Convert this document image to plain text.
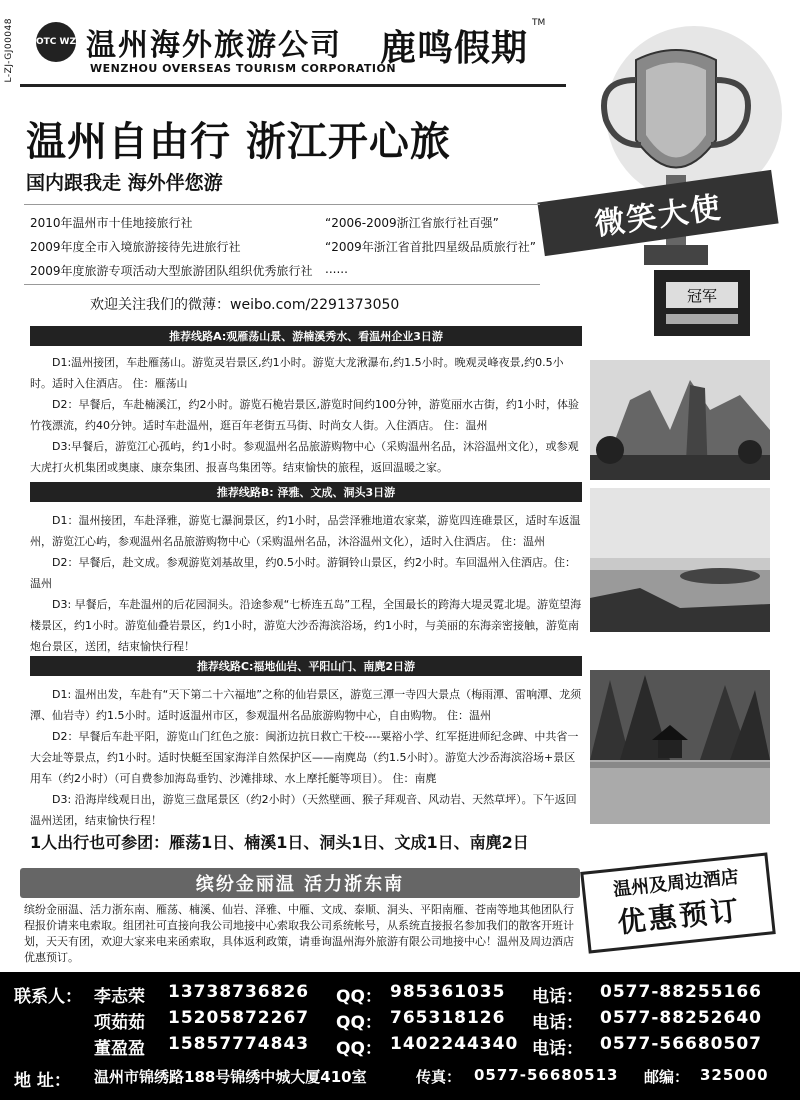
L-ZJ-GJ00048	OTC WZ 温州海外旅游公司
WENZHOU OVERSEAS TOURISM CORPORATION
鹿鸣假期
TM
冠军
微笑大使
温州自由行 浙江开心旅
国内跟我走 海外伴您游
2010年温州市十佳地接旅行社	“2006-2009浙江省旅行社百强”
2009年度全市入境旅游接待先进旅行社	“2009年浙江省首批四星级品质旅行社”
2009年度旅游专项活动大型旅游团队组织优秀旅行社 ......
欢迎关注我们的微薄：weibo.com/2291373050
推荐线路A:观雁荡山景、游楠溪秀水、看温州企业3日游

D1:温州接团，车赴雁荡山。游览灵岩景区,约1小时。游览大龙湫瀑布,约1.5小时。晚观灵峰夜景,约0.5小时。适时入住酒店。 住：雁荡山

D2：早餐后，车赴楠溪江，约2小时。游览石桅岩景区,游览时间约100分钟，游览丽水古街，约1小时，体验竹筏漂流，约40分钟。适时车赴温州，逛百年老街五马街、时尚女人街。入住酒店。 住：温州

D3:早餐后，游览江心孤屿，约1小时。参观温州名品旅游购物中心（采购温州名品，沐浴温州文化），或参观大虎打火机集团或奥康、康奈集团、报喜鸟集团等。结束愉快的旅程，返回温暖之家。

推荐线路B: 泽雅、文成、洞头3日游

D1：温州接团，车赴泽雅，游览七瀑涧景区，约1小时，品尝泽雅地道农家菜，游览四连碓景区，适时车返温州，游览江心屿，参观温州名品旅游购物中心（采购温州名品，沐浴温州文化），适时入住酒店。 住：温州

D2：早餐后，赴文成。参观游览刘基故里，约0.5小时。游铜铃山景区，约2小时。车回温州入住酒店。住：温州

D3: 早餐后，车赴温州的后花园洞头。沿途参观“七桥连五岛”工程，全国最长的跨海大堤灵霓北堤。游览望海楼景区，约1小时。游览仙叠岩景区，约1小时，游览大沙岙海滨浴场，约1小时，与美丽的东海亲密接触，游览南炮台景区，送团，结束愉快行程！

推荐线路C:福地仙岩、平阳山门、南麂2日游

D1: 温州出发，车赴有“天下第二十六福地”之称的仙岩景区，游览三潭一寺四大景点（梅雨潭、雷响潭、龙须潭、仙岩寺）约1.5小时。适时返温州市区，参观温州名品旅游购物中心，自由购物。 住：温州

D2：早餐后车赴平阳，游览山门红色之旅：闽浙边抗日救亡干校----粟裕小学、红军挺进师纪念碑、中共省一大会址等景点，约1小时。适时快艇至国家海洋自然保护区——南麂岛（约1.5小时）。游览大沙岙海滨浴场+景区用车（约2小时）（可自费参加海岛垂钓、沙滩排球、水上摩托艇等项目）。 住：南麂

D3: 沿海岸线观日出，游览三盘尾景区（约2小时）（天然壁画、猴子拜观音、风动岩、天然草坪）。下午返回温州送团，结束愉快行程！

1人出行也可参团：雁荡1日、楠溪1日、洞头1日、文成1日、南麂2日
缤纷金丽温 活力浙东南
缤纷金丽温、活力浙东南、雁荡、楠溪、仙岩、泽雅、中雁、文成、泰顺、洞头、平阳南雁、苍南等地其他团队行程报价请来电索取。组团社可直接向我公司地接中心索取我公司系统帐号，从系统直接报名参加我们的散客开班计划，天天有团，欢迎大家来电来函索取，具体返利政策，请垂询温州海外旅游有限公司地接中心！温州及周边酒店优惠预订。
温州及周边酒店
优惠预订
联系人： 李志荣 13738736826 QQ： 985361035 电话： 0577-88255166
项茹茹 15205872267 QQ： 765318126 电话： 0577-88252640
董盈盈 15857774843 QQ： 1402244340 电话： 0577-56680507
地 址： 温州市锦绣路188号锦绣中城大厦410室	传真： 0577-56680513 邮编： 325000
